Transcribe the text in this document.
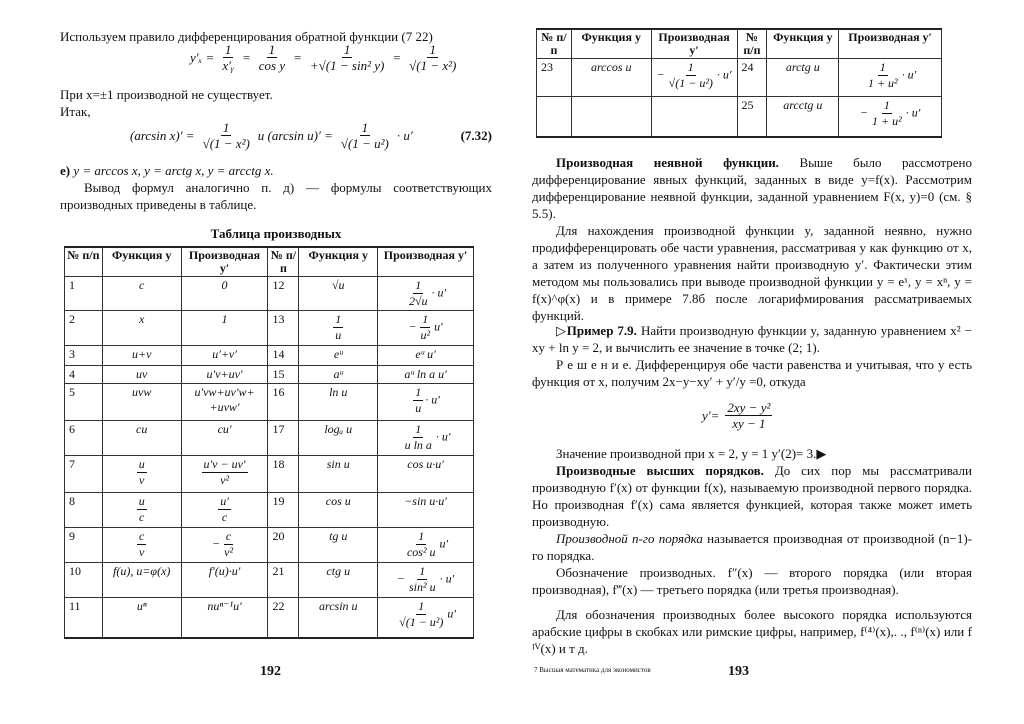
Используем правило дифференцирования обратной функции (7 22)
$y'_x = \frac{1}{\text{x′ᵧ}} = \frac{1}{\text{cos y}} = \frac{1}{\text{+√(1 − sin² y)}} = \frac{1}{\text{√(1 − x²)}}$
При x=±1 производной не существует.
Итак,
(arcsin $x)' = \frac{1}{\text{√(1 − x²)}}$ и (arcsin $u)' = \frac{1}{\text{√(1 − u²)}} \cdot u'$	(7.32)
е) y = arccos x, y = arctg x, y = arcctg x.
Вывод формул аналогично п. д) — формулы соответствующих производных приведены в таблице.
Таблица производных
№ п/п	Функция y	Производная y′	№ п/п	Функция y	Производная y′
1	c	0	12	√u	$\frac{1}{2√u} \cdot u'$
2	x	1	13	$\frac{1}{u}$	− $\frac{1}{\text{u²}} u'$
3	u+v	u′+v′	14	eᵘ	eᵘ u′
4	uv	u′v+uv′	15	aᵘ	aᵘ ln a u′
5	uvw	u′vw+uv′w+ +uvw′	16	ln u	$\frac{1}{u} \cdot u'$
6	cu	cu′	17	logₐ u	$\frac{1}{\text{u ln a}} \cdot u'$
7	$\frac{u}{v}$	$\frac{u'v - uv'}{\text{v²}}$	18	sin u	cos u·u′
8	$\frac{u}{c}$	$\frac{u'}{c}$	19	cos u	−sin u·u′
9	$\frac{c}{v}$	− $\frac{c}{\text{v²}}$	20	tg u	$\frac{1}{\text{cos² u}} u'$
10	f(u), u=φ(x)	f′(u)·u′	21	ctg u	− $\frac{1}{\text{sin² u}} \cdot u'$
11	uⁿ	nuⁿ⁻¹u′	22	arcsin u	$\frac{1}{\text{√(1 − u²)}} u'$
192
№ п/п	Функция y	Производная y′	№ п/п	Функция y	Производная y′
23	arccos u	− $\frac{1}{\text{√(1 − u²)}} \cdot u'$	24	arctg u	$\frac{1}{\text{1 + u²}} \cdot u'$
			25	arcctg u	− $\frac{1}{\text{1 + u²}} \cdot u'$
Производная неявной функции. Выше было рассмотрено дифференцирование явных функций, заданных в виде y=f(x). Рассмотрим дифференцирование неявной функции, заданной уравнением F(x, y)=0 (см. § 5.5).
Для нахождения производной функции y, заданной неявно, нужно продифференцировать обе части уравнения, рассматривая y как функцию от x, а затем из полученного уравнения найти производную y′. Фактически этим методом мы пользовались при выводе производной функции y = eˣ, y = xⁿ, y = f(x)^φ(x) и в примере 7.8б после логарифмирования рассматриваемых функций.
▷Пример 7.9. Найти производную функции y, заданную уравнением x² − xy + ln y = 2, и вычислить ее значение в точке (2; 1).
Р е ш е н и е. Дифференцируя обе части равенства и учитывая, что y есть функция от x, получим 2x−y−xy′ + y′/y =0, откуда
$y'= \frac{\text{2xy − y²}}{xy - 1}$
Значение производной при x = 2, y = 1 y′(2)= 3.▶
Производные высших порядков. До сих пор мы рассматривали производную f′(x) от функции f(x), называемую производной первого порядка. Но производная f′(x) сама является функцией, которая также может иметь производную.
Производной n-го порядка называется производная от производной (n−1)-го порядка.
Обозначение производных. f″(x) — второго порядка (или вторая производная), f‴(x) — третьего порядка (или третья производная).
Для обозначения производных более высокого порядка используются арабские цифры в скобках или римские цифры, например, f⁽⁴⁾(x),. ., f⁽ⁿ⁾(x) или f ᴵⱽ(x) и т д.
7 Высшая математика для экономистов	193
